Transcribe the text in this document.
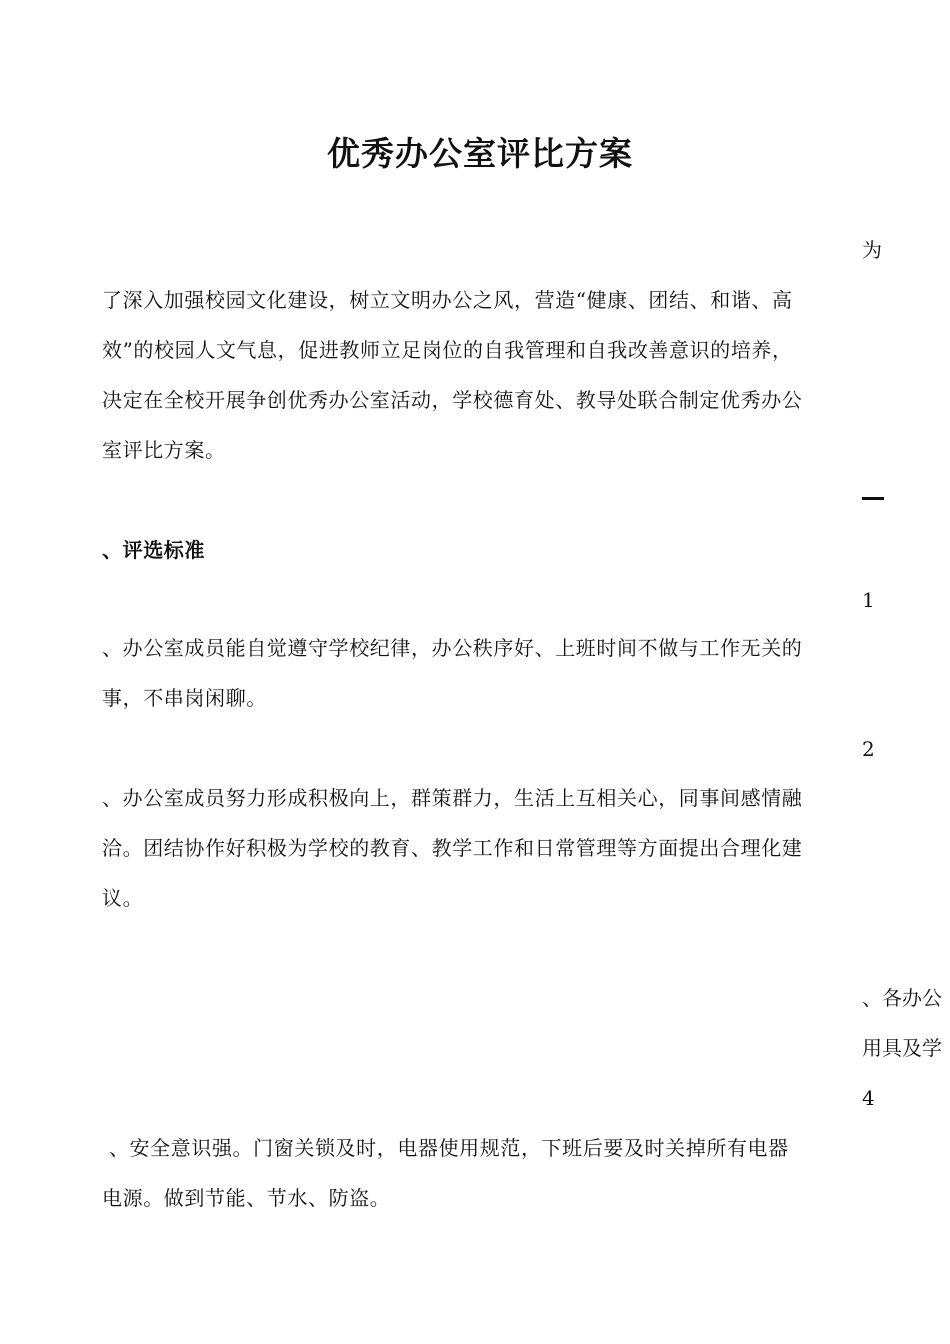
优秀办公室评比方案
为
了深入加强校园文化建设，树立文明办公之风，营造“健康、团结、和谐、高
效”的校园人文气息，促进教师立足岗位的自我管理和自我改善意识的培养，
决定在全校开展争创优秀办公室活动，学校德育处、教导处联合制定优秀办公
室评比方案。
、评选标准
1
、办公室成员能自觉遵守学校纪律，办公秩序好、上班时间不做与工作无关的
事，不串岗闲聊。
2
、办公室成员努力形成积极向上，群策群力，生活上互相关心，同事间感情融
洽。团结协作好积极为学校的教育、教学工作和日常管理等方面提出合理化建
议。
、各办公
用具及学
4
、安全意识强。门窗关锁及时，电器使用规范，下班后要及时关掉所有电器
电源。做到节能、节水、防盗。
